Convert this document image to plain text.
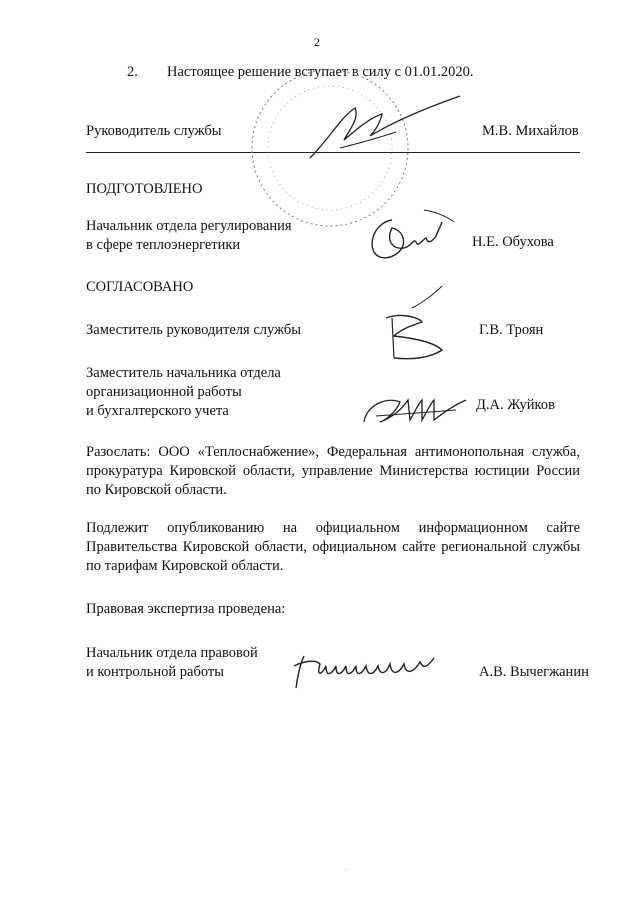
2
2. Настоящее решение вступает в силу с 01.01.2020.
Руководитель службы	М.В. Михайлов
ПОДГОТОВЛЕНО
Начальник отдела регулирования
в сфере теплоэнергетики	Н.Е. Обухова
СОГЛАСОВАНО
Заместитель руководителя службы	Г.В. Троян
Заместитель начальника отдела
организационной работы
и бухгалтерского учета	Д.А. Жуйков
Разослать: ООО «Теплоснабжение», Федеральная антимонопольная служба,
прокуратура Кировской области, управление Министерства юстиции России
по Кировской области.
Подлежит опубликованию на официальном информационном сайте
Правительства Кировской области, официальном сайте региональной службы
по тарифам Кировской области.
Правовая экспертиза проведена:
Начальник отдела правовой
и контрольной работы	А.В. Вычегжанин
.
